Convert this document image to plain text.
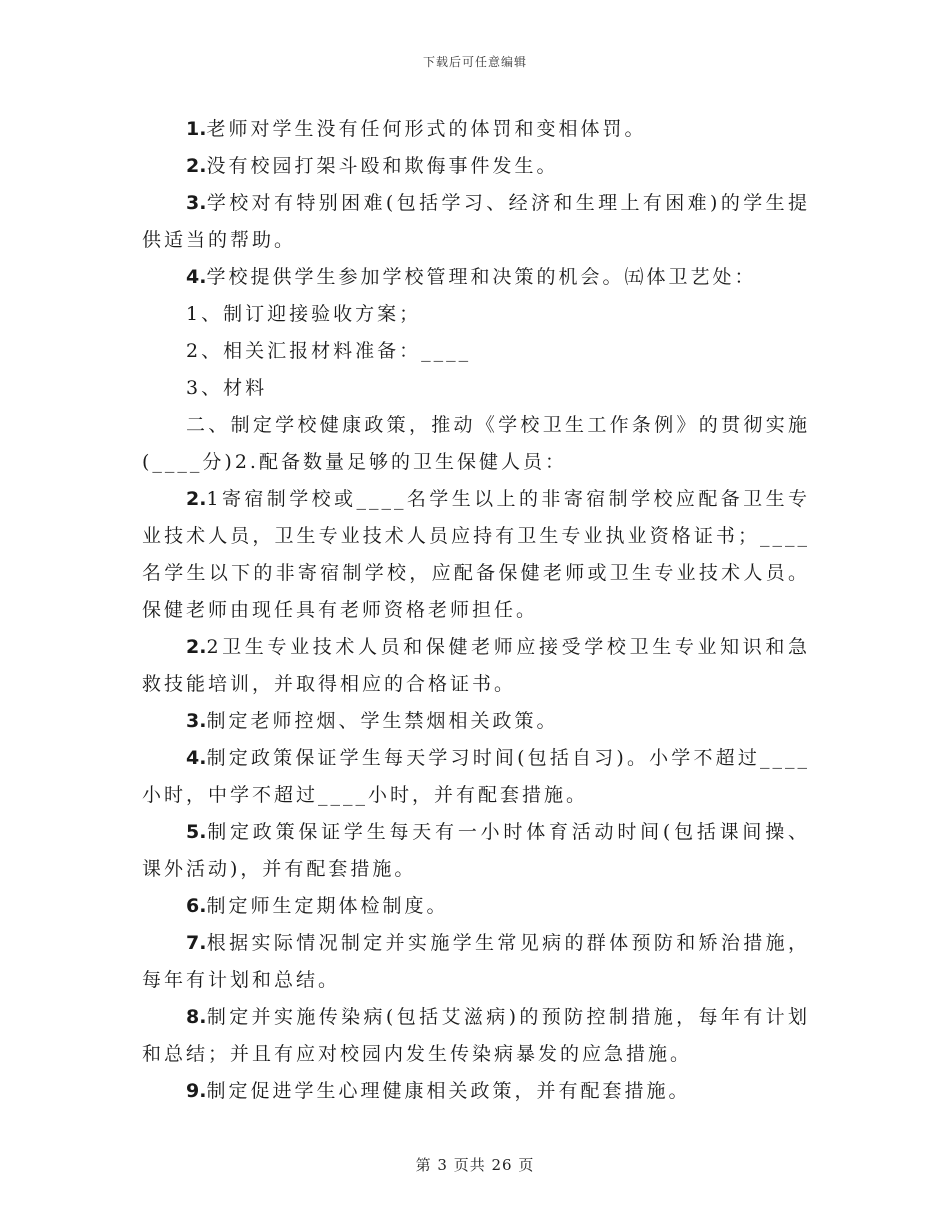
下载后可任意编辑

1.老师对学生没有任何形式的体罚和变相体罚。

2.没有校园打架斗殴和欺侮事件发生。

3.学校对有特别困难(包括学习、经济和生理上有困难)的学生提供适当的帮助。

4.学校提供学生参加学校管理和决策的机会。㈤体卫艺处：

1、制订迎接验收方案；

2、相关汇报材料准备：____

3、材料

二、制定学校健康政策，推动《学校卫生工作条例》的贯彻实施(____分)2.配备数量足够的卫生保健人员：

2.1寄宿制学校或____名学生以上的非寄宿制学校应配备卫生专业技术人员，卫生专业技术人员应持有卫生专业执业资格证书；____名学生以下的非寄宿制学校，应配备保健老师或卫生专业技术人员。保健老师由现任具有老师资格老师担任。

2.2卫生专业技术人员和保健老师应接受学校卫生专业知识和急救技能培训，并取得相应的合格证书。

3.制定老师控烟、学生禁烟相关政策。

4.制定政策保证学生每天学习时间(包括自习)。小学不超过____小时，中学不超过____小时，并有配套措施。

5.制定政策保证学生每天有一小时体育活动时间(包括课间操、课外活动)，并有配套措施。

6.制定师生定期体检制度。

7.根据实际情况制定并实施学生常见病的群体预防和矫治措施，每年有计划和总结。

8.制定并实施传染病(包括艾滋病)的预防控制措施，每年有计划和总结；并且有应对校园内发生传染病暴发的应急措施。

9.制定促进学生心理健康相关政策，并有配套措施。

第 3 页共 26 页
